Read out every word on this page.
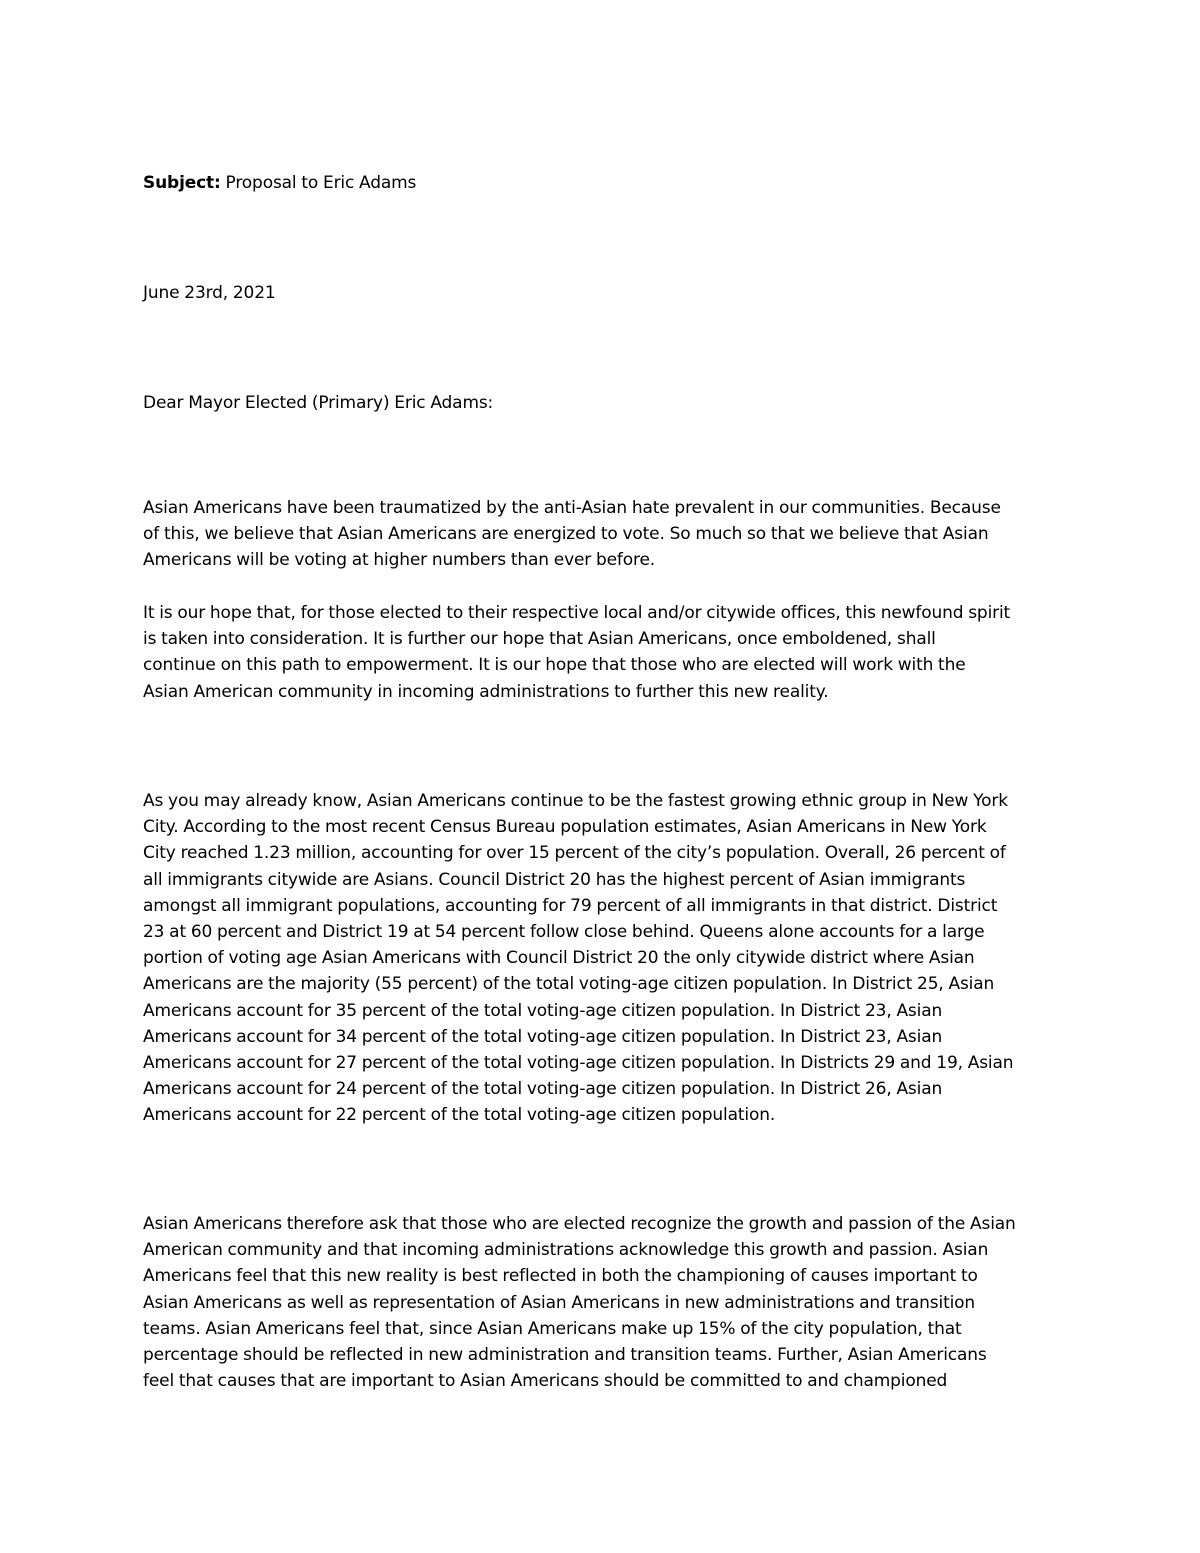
Subject: Proposal to Eric Adams
June 23rd, 2021
Dear Mayor Elected (Primary) Eric Adams:
Asian Americans have been traumatized by the anti-Asian hate prevalent in our communities. Because
of this, we believe that Asian Americans are energized to vote. So much so that we believe that Asian
Americans will be voting at higher numbers than ever before.
It is our hope that, for those elected to their respective local and/or citywide offices, this newfound spirit
is taken into consideration. It is further our hope that Asian Americans, once emboldened, shall
continue on this path to empowerment. It is our hope that those who are elected will work with the
Asian American community in incoming administrations to further this new reality.
As you may already know, Asian Americans continue to be the fastest growing ethnic group in New York
City. According to the most recent Census Bureau population estimates, Asian Americans in New York
City reached 1.23 million, accounting for over 15 percent of the city’s population. Overall, 26 percent of
all immigrants citywide are Asians. Council District 20 has the highest percent of Asian immigrants
amongst all immigrant populations, accounting for 79 percent of all immigrants in that district. District
23 at 60 percent and District 19 at 54 percent follow close behind. Queens alone accounts for a large
portion of voting age Asian Americans with Council District 20 the only citywide district where Asian
Americans are the majority (55 percent) of the total voting-age citizen population. In District 25, Asian
Americans account for 35 percent of the total voting-age citizen population. In District 23, Asian
Americans account for 34 percent of the total voting-age citizen population. In District 23, Asian
Americans account for 27 percent of the total voting-age citizen population. In Districts 29 and 19, Asian
Americans account for 24 percent of the total voting-age citizen population. In District 26, Asian
Americans account for 22 percent of the total voting-age citizen population.
Asian Americans therefore ask that those who are elected recognize the growth and passion of the Asian
American community and that incoming administrations acknowledge this growth and passion. Asian
Americans feel that this new reality is best reflected in both the championing of causes important to
Asian Americans as well as representation of Asian Americans in new administrations and transition
teams. Asian Americans feel that, since Asian Americans make up 15% of the city population, that
percentage should be reflected in new administration and transition teams. Further, Asian Americans
feel that causes that are important to Asian Americans should be committed to and championed
